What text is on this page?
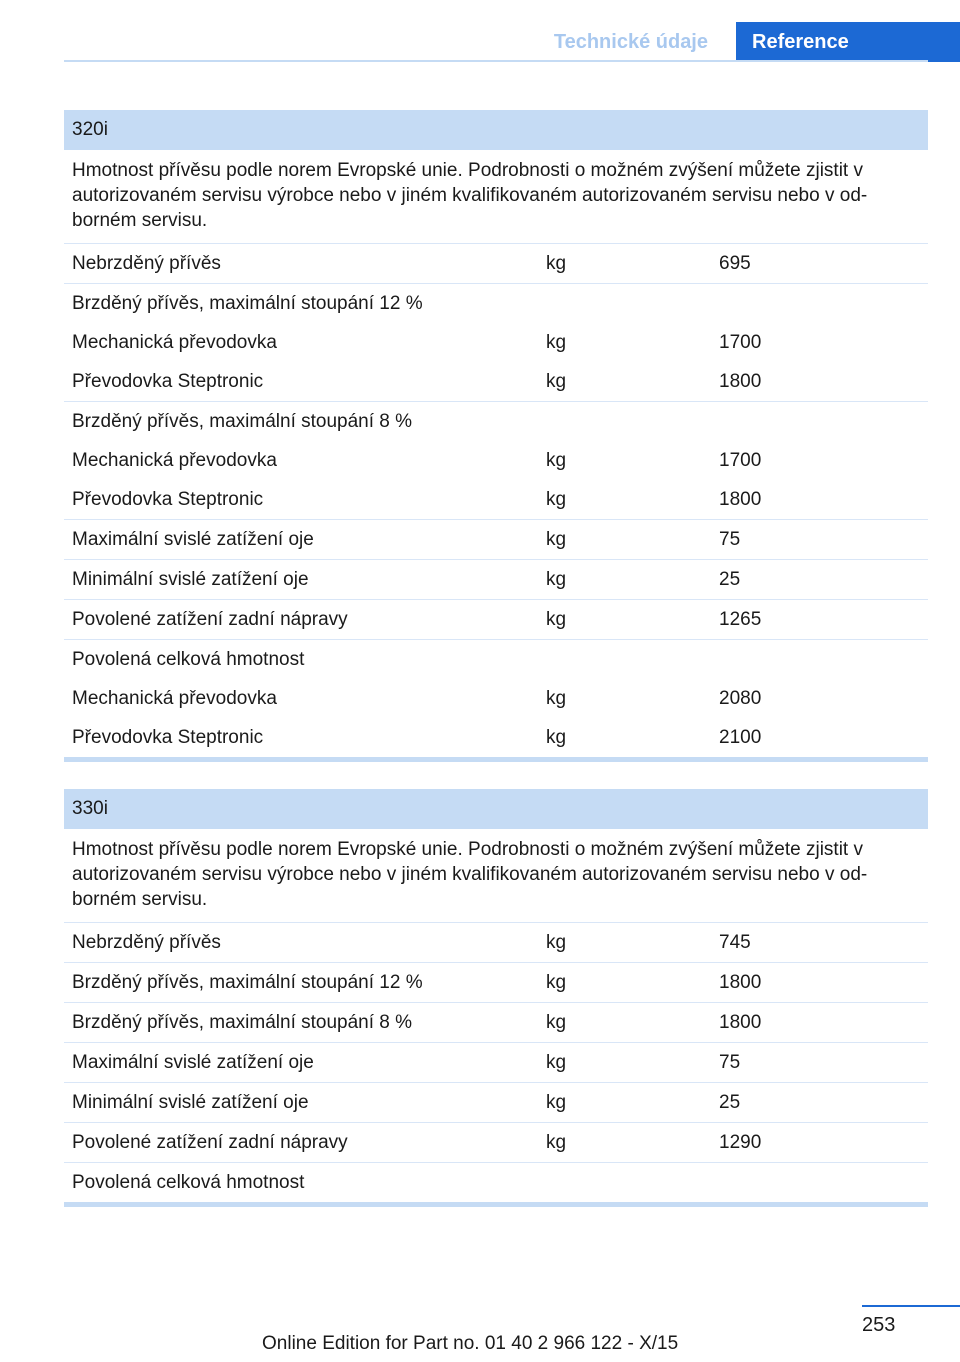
Technické údaje	Reference
320i
Hmotnost přívěsu podle norem Evropské unie. Podrobnosti o možném zvýšení můžete zjistit v autorizovaném servisu výrobce nebo v jiném kvalifikovaném autorizovaném servisu nebo v odborném servisu.
Nebrzděný přívěs	kg	695
Brzděný přívěs, maximální stoupání 12 %
Mechanická převodovka	kg	1700
Převodovka Steptronic	kg	1800
Brzděný přívěs, maximální stoupání 8 %
Mechanická převodovka	kg	1700
Převodovka Steptronic	kg	1800
Maximální svislé zatížení oje	kg	75
Minimální svislé zatížení oje	kg	25
Povolené zatížení zadní nápravy	kg	1265
Povolená celková hmotnost
Mechanická převodovka	kg	2080
Převodovka Steptronic	kg	2100
330i
Hmotnost přívěsu podle norem Evropské unie. Podrobnosti o možném zvýšení můžete zjistit v autorizovaném servisu výrobce nebo v jiném kvalifikovaném autorizovaném servisu nebo v odborném servisu.
Nebrzděný přívěs	kg	745
Brzděný přívěs, maximální stoupání 12 %	kg	1800
Brzděný přívěs, maximální stoupání 8 %	kg	1800
Maximální svislé zatížení oje	kg	75
Minimální svislé zatížení oje	kg	25
Povolené zatížení zadní nápravy	kg	1290
Povolená celková hmotnost
253
Online Edition for Part no. 01 40 2 966 122 - X/15
